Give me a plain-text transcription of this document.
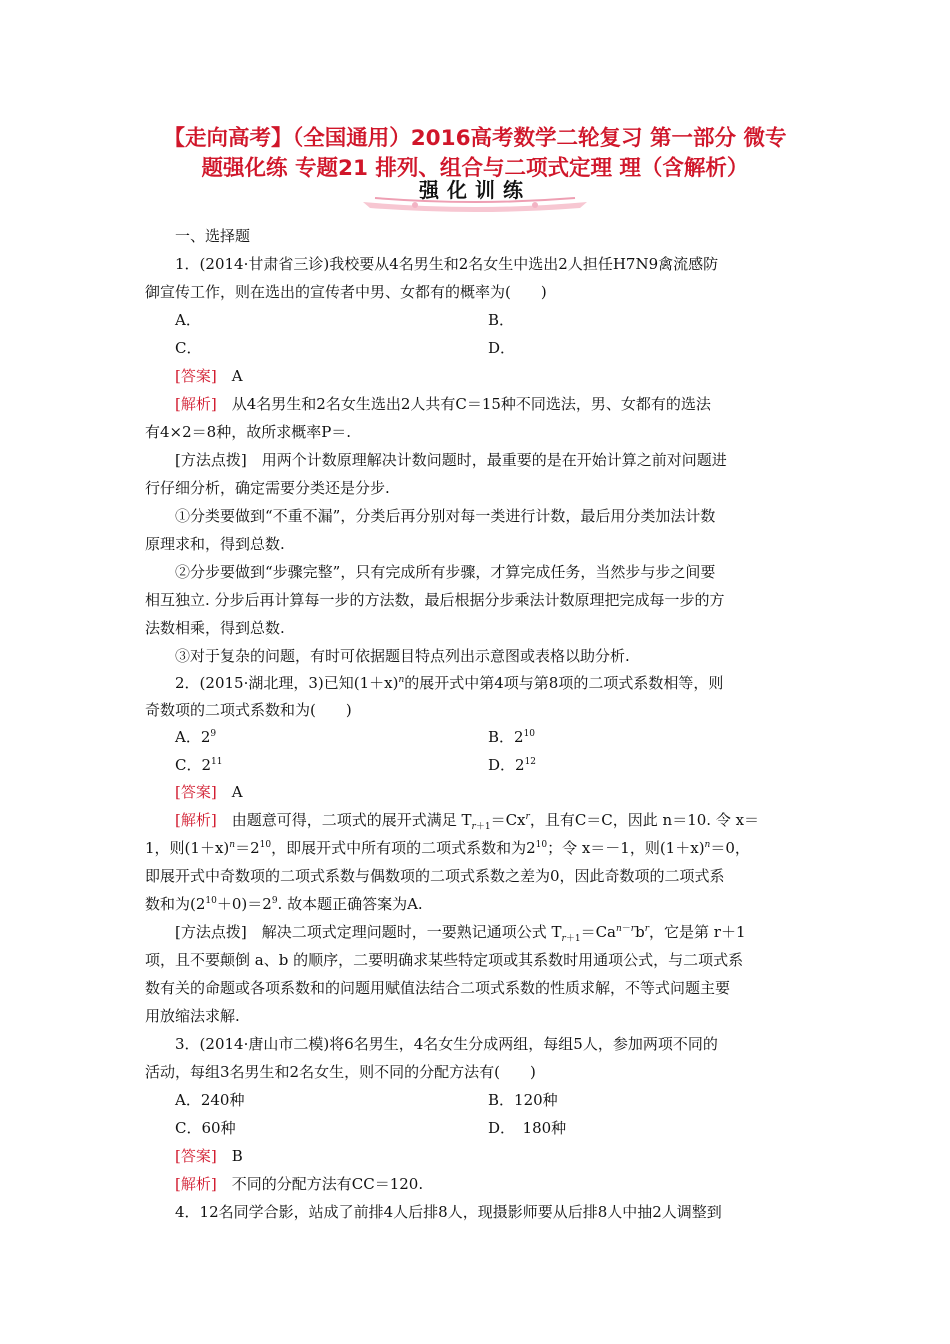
【走向高考】（全国通用）2016高考数学二轮复习 第一部分 微专
题强化练 专题21 排列、组合与二项式定理 理（含解析）
强化训练
一、选择题
1．(2014·甘肃省三诊)我校要从4名男生和2名女生中选出2人担任H7N9禽流感防
御宣传工作，则在选出的宣传者中男、女都有的概率为(　　)
A．	B．
C．	D．
[答案]　 A
[解析]　 从4名男生和2名女生选出2人共有C＝15种不同选法，男、女都有的选法
有4×2＝8种，故所求概率P＝.
[方法点拨]　 用两个计数原理解决计数问题时，最重要的是在开始计算之前对问题进
行仔细分析，确定需要分类还是分步.
①分类要做到“不重不漏”，分类后再分别对每一类进行计数，最后用分类加法计数
原理求和，得到总数.
②分步要做到“步骤完整”，只有完成所有步骤，才算完成任务，当然步与步之间要
相互独立. 分步后再计算每一步的方法数，最后根据分步乘法计数原理把完成每一步的方
法数相乘，得到总数.
③对于复杂的问题，有时可依据题目特点列出示意图或表格以助分析.
2．(2015·湖北理，3)已知$(1+x)^n$的展开式中第4项与第8项的二项式系数相等，则
奇数项的二项式系数和为(　　)
A．$2^9$	B．$2^{10}$
C．$2^{11}$	D．$2^{12}$
[答案]　 A
[解析]　 由题意可得，二项式的展开式满足 $T_{r+1}=Cx^r$，且有C＝C，因此 n＝10. 令 x＝
1，则$(1+x)^n=2^{10}$，即展开式中所有项的二项式系数和为$2^{10}$；令 x＝－1，则$(1+x)^n=0$，
即展开式中奇数项的二项式系数与偶数项的二项式系数之差为0，因此奇数项的二项式系
数和为$(2^{10}+0)=2^9$. 故本题正确答案为A.
[方法点拨]　 解决二项式定理问题时，一要熟记通项公式 $T_{r+1}=Ca^{n-r}b^r$，它是第 r＋1
项，且不要颠倒 a、b 的顺序，二要明确求某些特定项或其系数时用通项公式，与二项式系
数有关的命题或各项系数和的问题用赋值法结合二项式系数的性质求解，不等式问题主要
用放缩法求解.
3．(2014·唐山市二模)将6名男生，4名女生分成两组，每组5人，参加两项不同的
活动，每组3名男生和2名女生，则不同的分配方法有(　　)
A．240种	B．120种
C．60种	D．　180种
[答案]　 B
[解析]　 不同的分配方法有CC＝120.
4．12名同学合影，站成了前排4人后排8人，现摄影师要从后排8人中抽2人调整到
